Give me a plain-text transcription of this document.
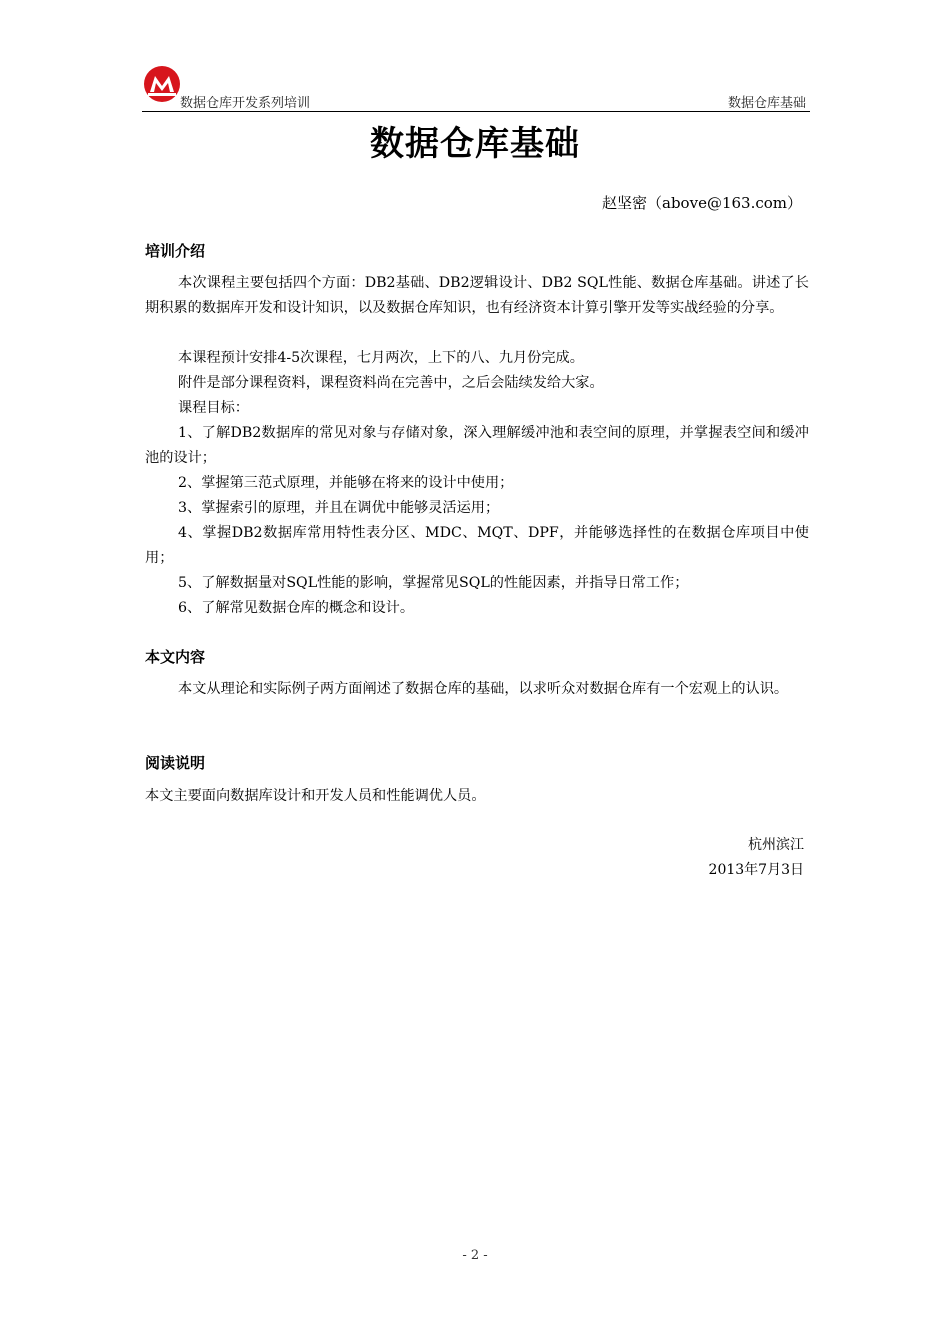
数据仓库开发系列培训	数据仓库基础
数据仓库基础
赵坚密（above@163.com）
培训介绍
本次课程主要包括四个方面：DB2基础、DB2逻辑设计、DB2 SQL性能、数据仓库基础。讲述了长期积累的数据库开发和设计知识，以及数据仓库知识，也有经济资本计算引擎开发等实战经验的分享。
本课程预计安排4-5次课程，七月两次，上下的八、九月份完成。
附件是部分课程资料，课程资料尚在完善中，之后会陆续发给大家。
课程目标：
1、了解DB2数据库的常见对象与存储对象，深入理解缓冲池和表空间的原理，并掌握表空间和缓冲池的设计；
2、掌握第三范式原理，并能够在将来的设计中使用；
3、掌握索引的原理，并且在调优中能够灵活运用；
4、掌握DB2数据库常用特性表分区、MDC、MQT、DPF，并能够选择性的在数据仓库项目中使用；
5、了解数据量对SQL性能的影响，掌握常见SQL的性能因素，并指导日常工作；
6、了解常见数据仓库的概念和设计。
本文内容
本文从理论和实际例子两方面阐述了数据仓库的基础，以求听众对数据仓库有一个宏观上的认识。
阅读说明
本文主要面向数据库设计和开发人员和性能调优人员。
杭州滨江
2013年7月3日
- 2 -
